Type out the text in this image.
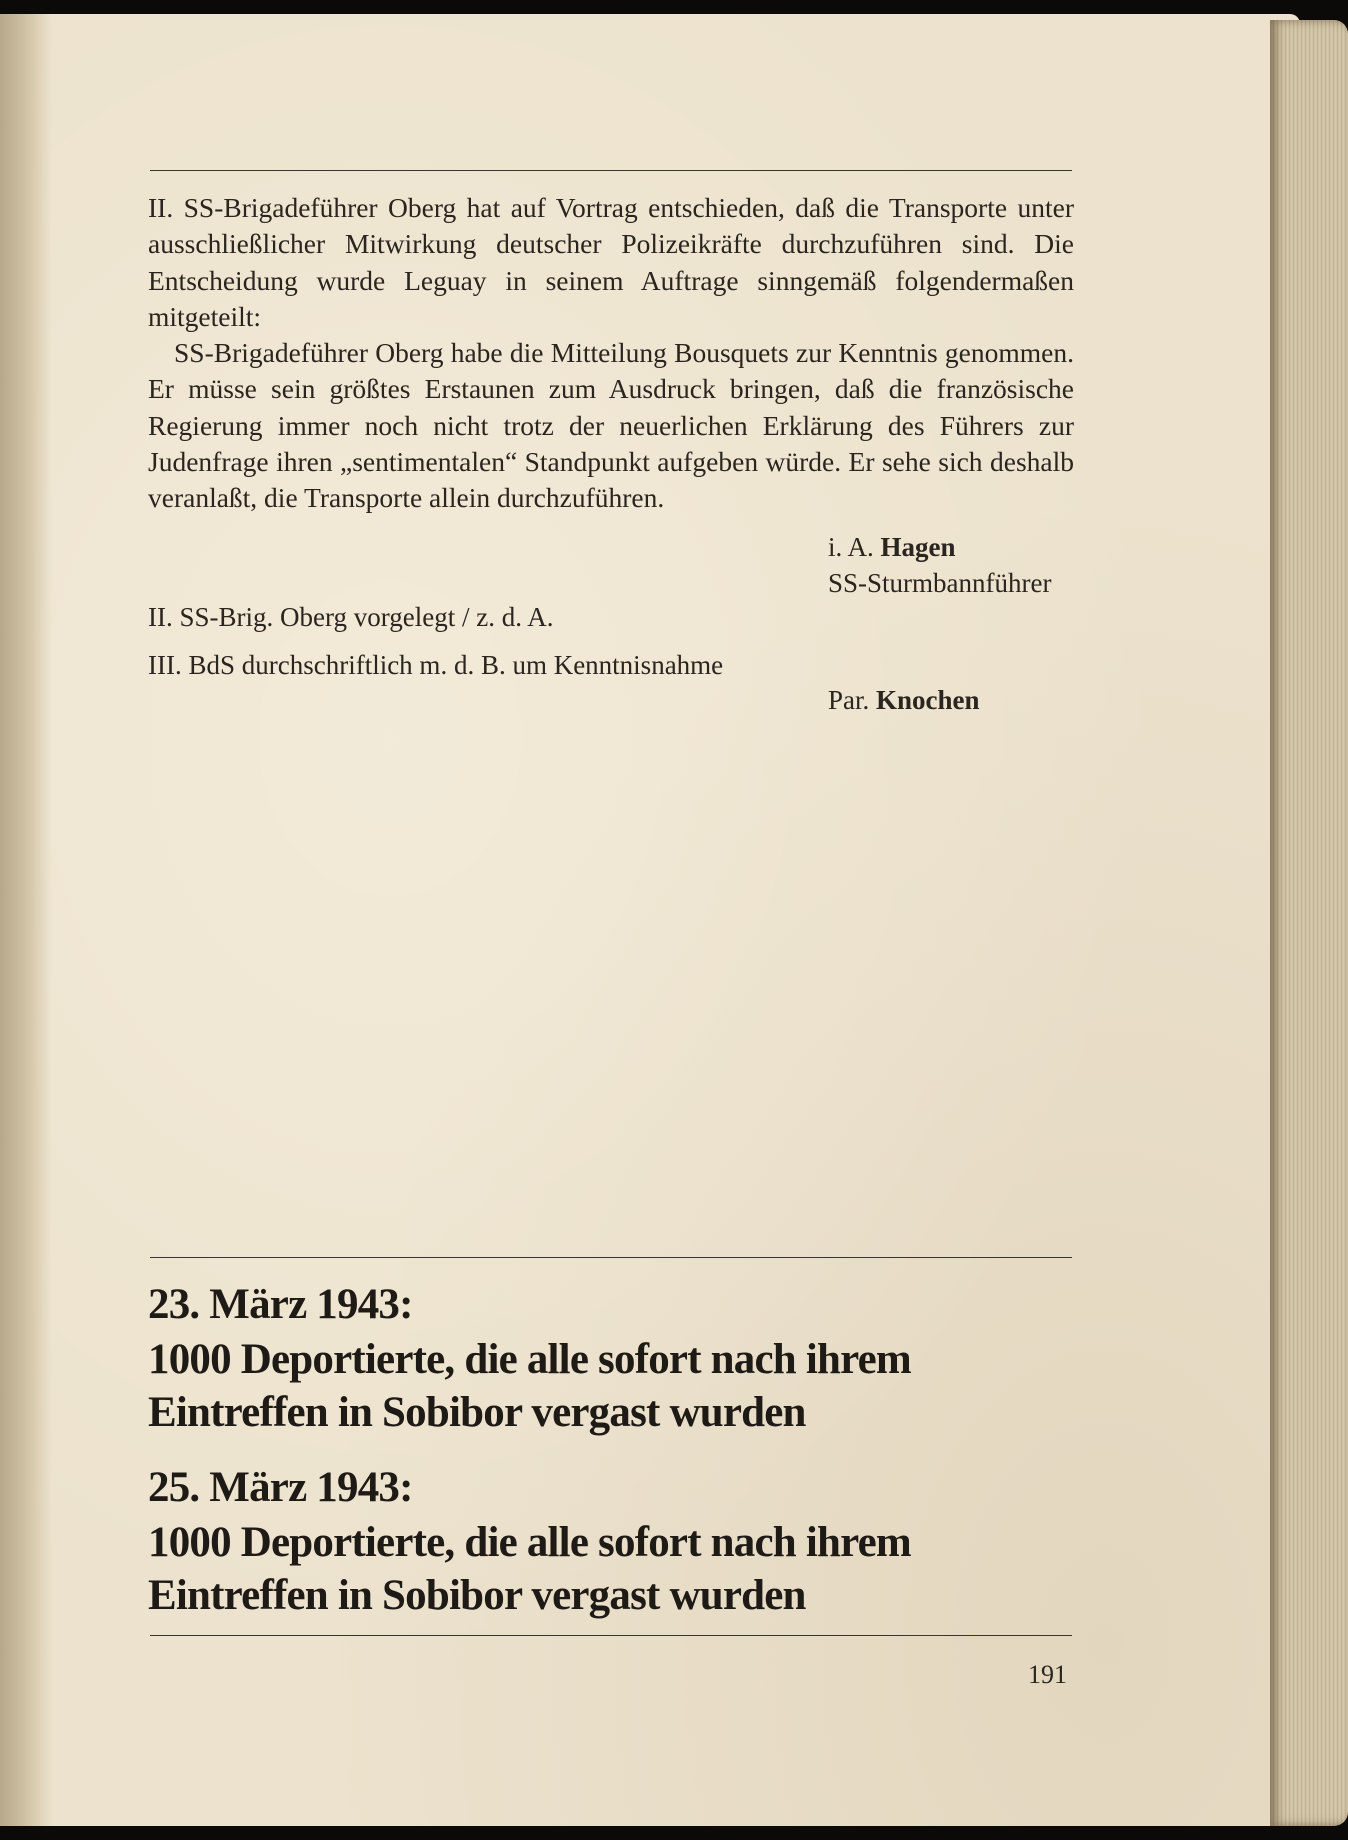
II. SS-Brigadeführer Oberg hat auf Vortrag entschieden, daß die Transporte unter ausschließlicher Mitwirkung deutscher Polizeikräfte durchzuführen sind. Die Entscheidung wurde Leguay in seinem Auftrage sinngemäß folgendermaßen mitgeteilt:

SS-Brigadeführer Oberg habe die Mitteilung Bousquets zur Kenntnis genommen. Er müsse sein größtes Erstaunen zum Ausdruck bringen, daß die französische Regierung immer noch nicht trotz der neuerlichen Erklärung des Führers zur Judenfrage ihren „sentimentalen“ Standpunkt aufgeben würde. Er sehe sich deshalb veranlaßt, die Transporte allein durchzuführen.

i. A. Hagen

SS-Sturmbannführer

II. SS-Brig. Oberg vorgelegt / z. d. A.

III. BdS durchschriftlich m. d. B. um Kenntnisnahme

Par. Knochen

23. März 1943:

1000 Deportierte, die alle sofort nach ihrem

Eintreffen in Sobibor vergast wurden

25. März 1943:

1000 Deportierte, die alle sofort nach ihrem

Eintreffen in Sobibor vergast wurden

191
